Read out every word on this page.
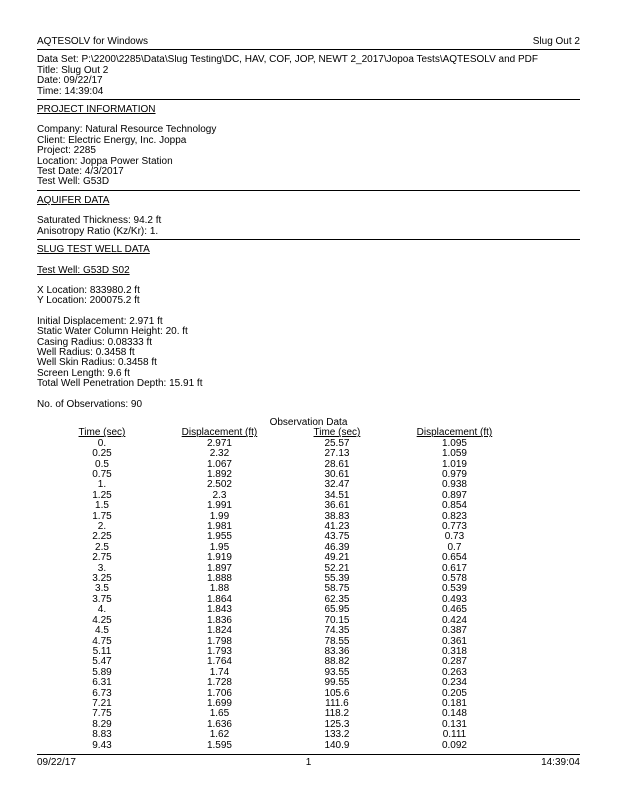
AQTESOLV for Windows	Slug Out 2
Data Set: P:\2200\2285\Data\Slug Testing\DC, HAV, COF, JOP, NEWT 2_2017\Jopoa Tests\AQTESOLV and PDF
Title: Slug Out 2
Date: 09/22/17
Time: 14:39:04
PROJECT INFORMATION
Company: Natural Resource Technology
Client: Electric Energy, Inc. Joppa
Project: 2285
Location: Joppa Power Station
Test Date: 4/3/2017
Test Well: G53D
AQUIFER DATA
Saturated Thickness: 94.2 ft
Anisotropy Ratio (Kz/Kr): 1.
SLUG TEST WELL DATA
Test Well: G53D S02
X Location: 833980.2 ft
Y Location: 200075.2 ft
Initial Displacement: 2.971 ft
Static Water Column Height: 20. ft
Casing Radius: 0.08333 ft
Well Radius: 0.3458 ft
Well Skin Radius: 0.3458 ft
Screen Length: 9.6 ft
Total Well Penetration Depth: 15.91 ft
No. of Observations: 90
Observation Data
Time (sec)	Displacement (ft)	Time (sec)	Displacement (ft)
0.	2.971	25.57	1.095
0.25	2.32	27.13	1.059
0.5	1.067	28.61	1.019
0.75	1.892	30.61	0.979
1.	2.502	32.47	0.938
1.25	2.3	34.51	0.897
1.5	1.991	36.61	0.854
1.75	1.99	38.83	0.823
2.	1.981	41.23	0.773
2.25	1.955	43.75	0.73
2.5	1.95	46.39	0.7
2.75	1.919	49.21	0.654
3.	1.897	52.21	0.617
3.25	1.888	55.39	0.578
3.5	1.88	58.75	0.539
3.75	1.864	62.35	0.493
4.	1.843	65.95	0.465
4.25	1.836	70.15	0.424
4.5	1.824	74.35	0.387
4.75	1.798	78.55	0.361
5.11	1.793	83.36	0.318
5.47	1.764	88.82	0.287
5.89	1.74	93.55	0.263
6.31	1.728	99.55	0.234
6.73	1.706	105.6	0.205
7.21	1.699	111.6	0.181
7.75	1.65	118.2	0.148
8.29	1.636	125.3	0.131
8.83	1.62	133.2	0.111
9.43	1.595	140.9	0.092
09/22/17	1	14:39:04
